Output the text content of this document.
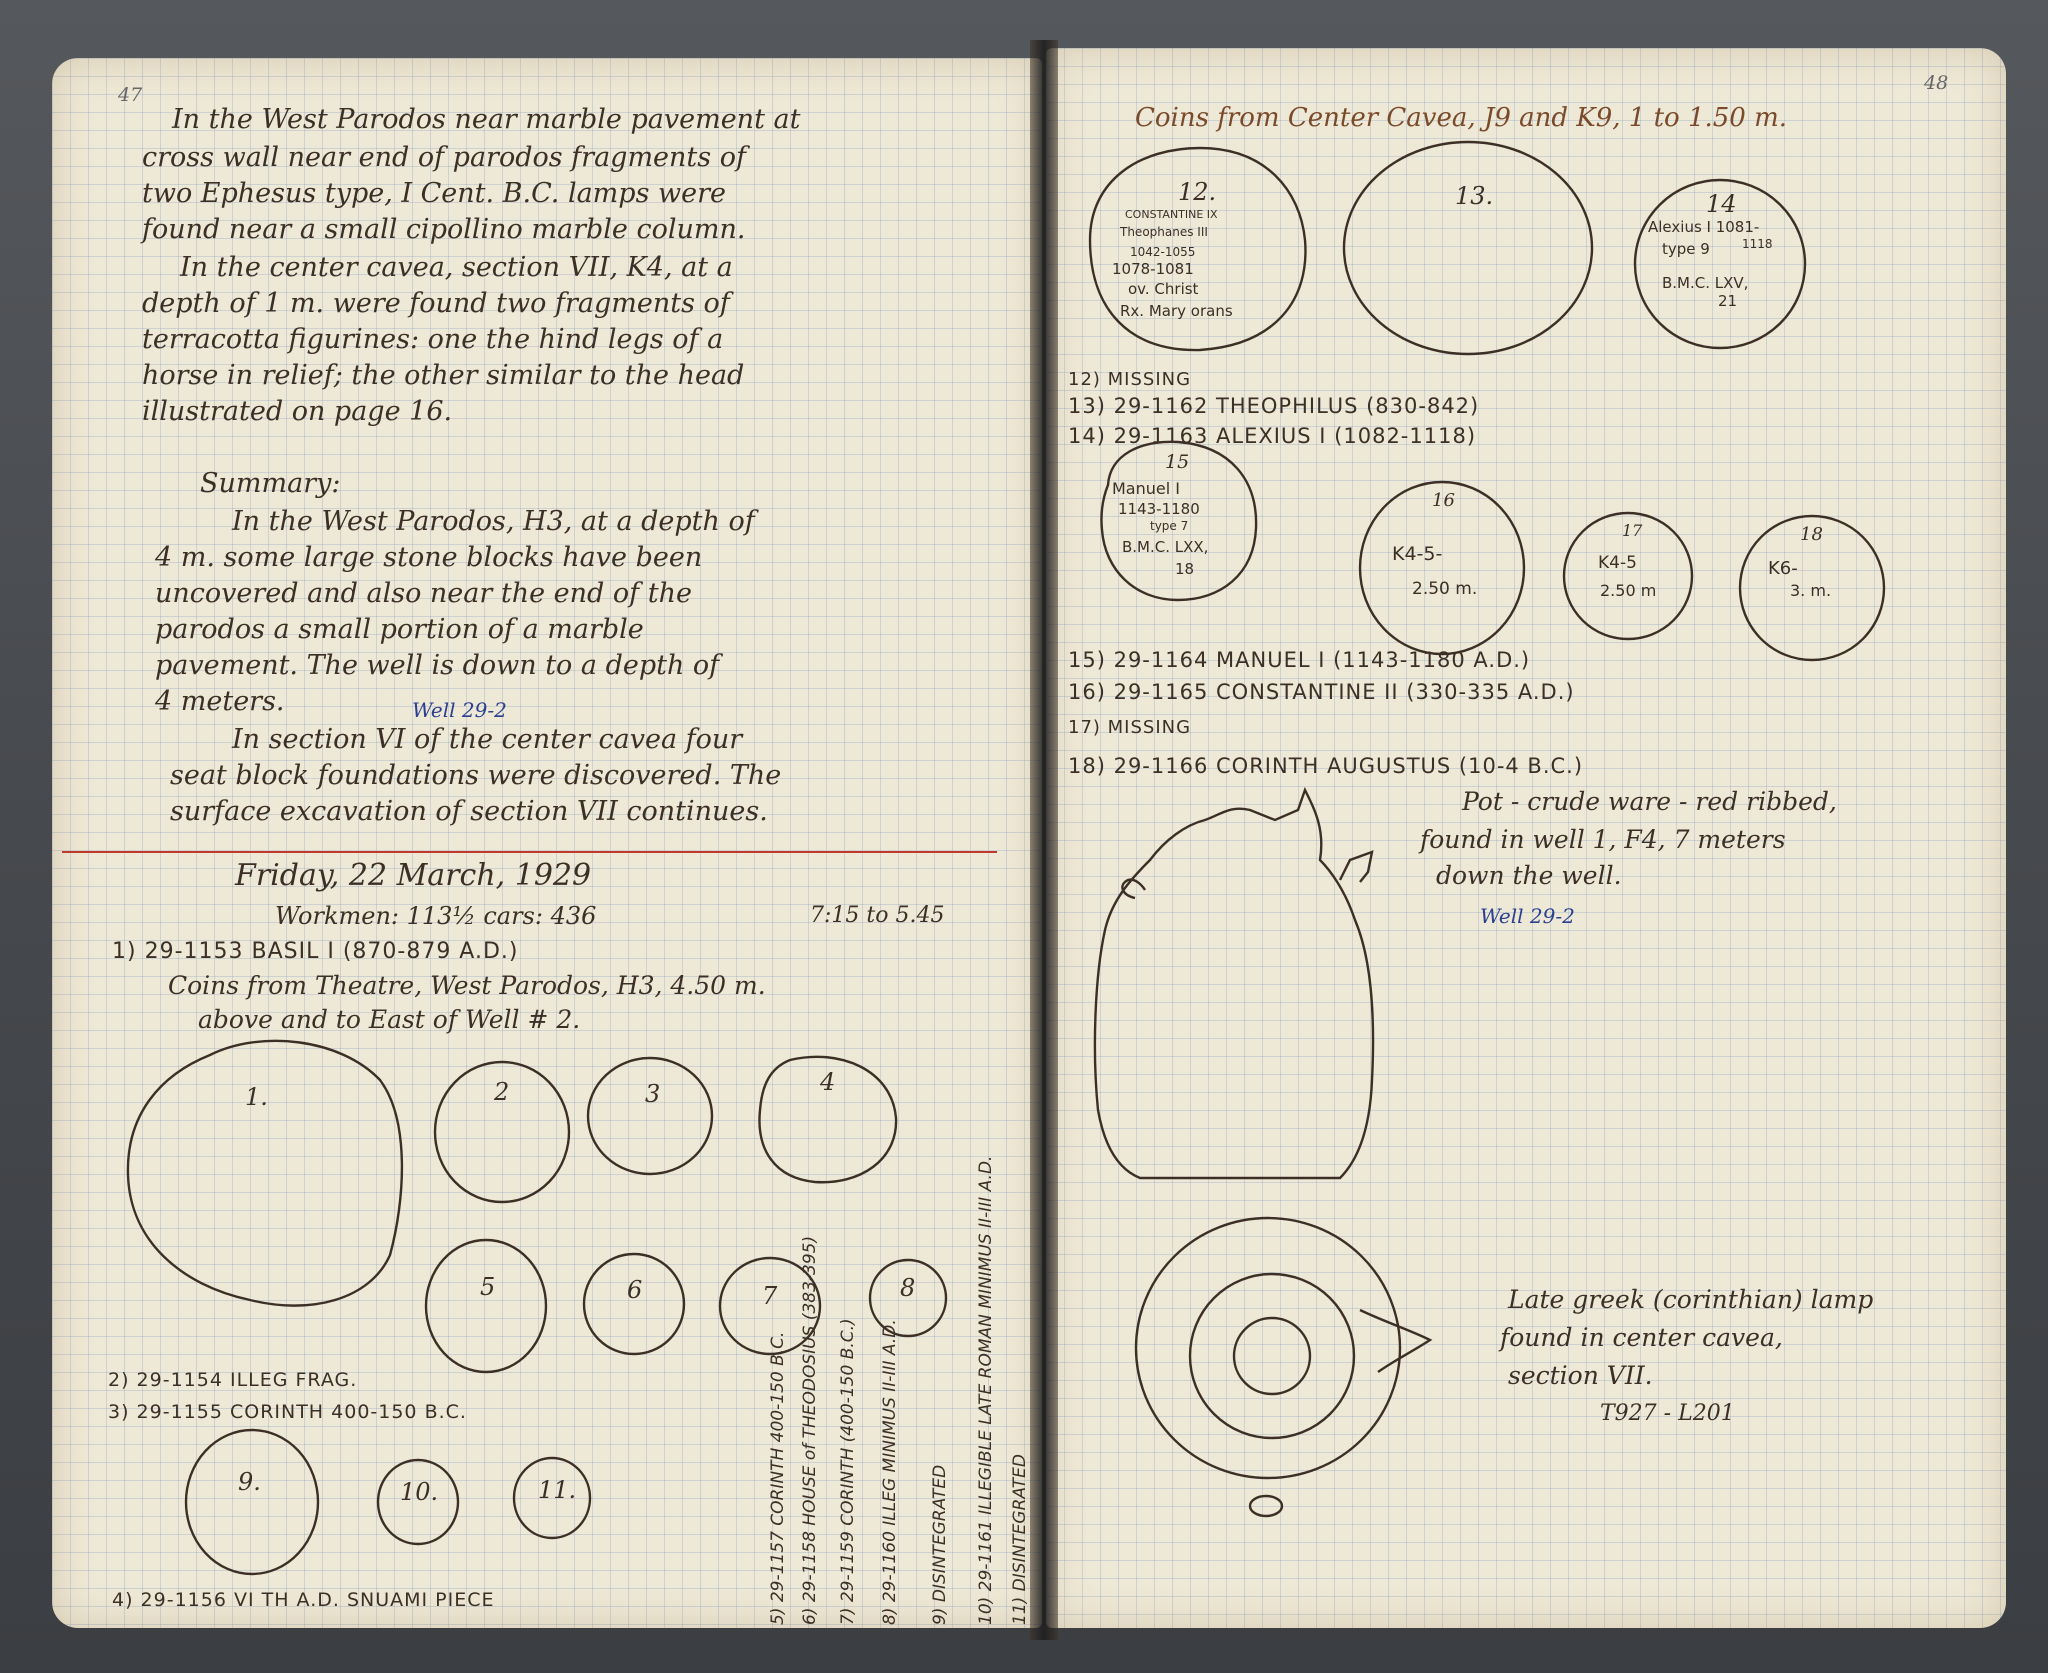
47
In the West Parodos near marble pavement at
cross wall near end of parodos fragments of
two Ephesus type, I Cent. B.C. lamps were
found near a small cipollino marble column.
In the center cavea, section VII, K4, at a
depth of 1 m. were found two fragments of
terracotta figurines: one the hind legs of a
horse in relief; the other similar to the head
illustrated on page 16.
Summary:
In the West Parodos, H3, at a depth of
4 m. some large stone blocks have been
uncovered and also near the end of the
parodos a small portion of a marble
pavement. The well is down to a depth of
4 meters.	Well 29-2
In section VI of the center cavea four
seat block foundations were discovered. The
surface excavation of section VII continues.
Friday, 22 March, 1929
Workmen: 113½ cars: 436	7:15 to 5.45
1) 29-1153 BASIL I (870-879 A.D.)
Coins from Theatre, West Parodos, H3, 4.50 m.
above and to East of Well # 2.
2) 29-1154 ILLEG FRAG.
3) 29-1155 CORINTH 400-150 B.C.
4) 29-1156 VI TH A.D. SNUAMI PIECE	5) 29-1157 CORINTH 400-150 B.C. 6) 29-1158 HOUSE of THEODOSIUS (383-395) 7) 29-1159 CORINTH (400-150 B.C.) 8) 29-1160 ILLEG MINIMUS II-III A.D. 9) DISINTEGRATED 10) 29-1161 ILLEGIBLE LATE ROMAN MINIMUS II-III A.D. 11) DISINTEGRATED
48
Coins from Center Cavea, J9 and K9, 1 to 1.50 m.
12) MISSING
13) 29-1162 THEOPHILUS (830-842)
14) 29-1163 ALEXIUS I (1082-1118)
15) 29-1164 MANUEL I (1143-1180 A.D.)
16) 29-1165 CONSTANTINE II (330-335 A.D.)
17) MISSING
18) 29-1166 CORINTH AUGUSTUS (10-4 B.C.)
Pot - crude ware - red ribbed,
found in well 1, F4, 7 meters
down the well.
Well 29-2
Late greek (corinthian) lamp
found in center cavea,
section VII.
T927 - L201
1.	2	3	4
5	6	7	8
9.	10.	11.
12.
CONSTANTINE IX
Theophanes III
1042-1055
1078-1081
ov. Christ
Rx. Mary orans
13.	14
Alexius I 1081-
1118
type 9
B.M.C. LXV,
21
15
Manuel I
1143-1180
type 7
B.M.C. LXX,
18
16
K4-5-
2.50 m.
17
K4-5
2.50 m
18
K6-
3. m.
